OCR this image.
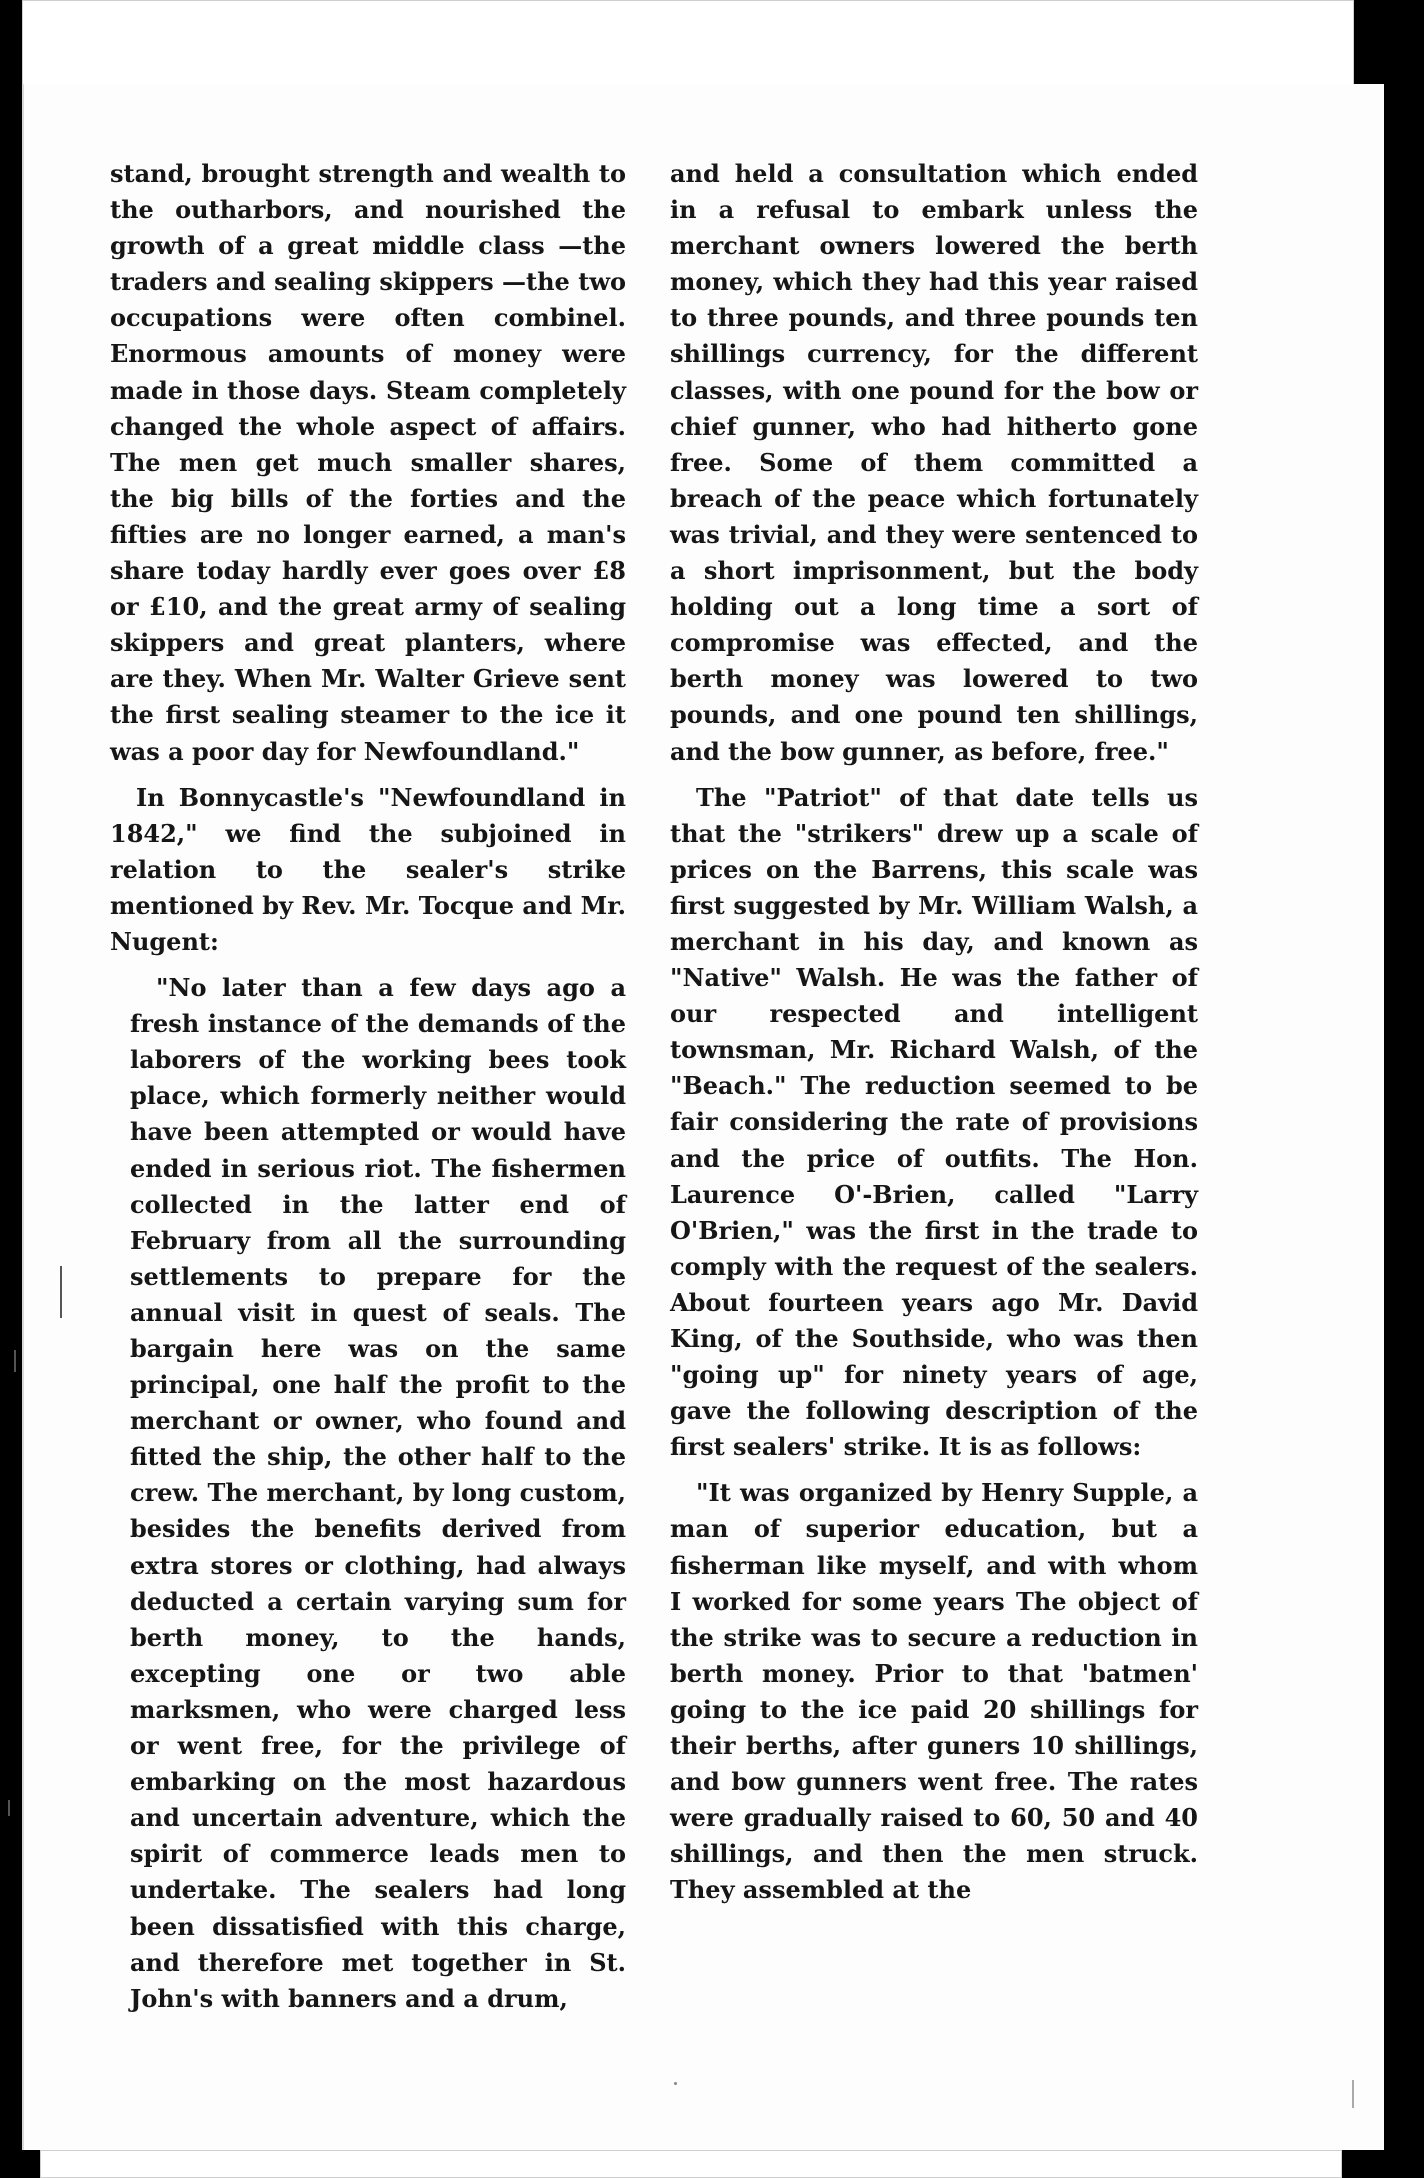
stand, brought strength and wealth to the outharbors, and nourished the growth of a great middle class —the traders and sealing skippers —the two occupations were often combinel. Enormous amounts of money were made in those days. Steam completely changed the whole aspect of affairs. The men get much smaller shares, the big bills of the forties and the fifties are no longer earned, a man's share today hardly ever goes over £8 or £10, and the great army of sealing skippers and great planters, where are they. When Mr. Walter Grieve sent the first sealing steamer to the ice it was a poor day for Newfoundland."

In Bonnycastle's "Newfoundland in 1842," we find the subjoined in relation to the sealer's strike mentioned by Rev. Mr. Tocque and Mr. Nugent:

"No later than a few days ago a fresh instance of the demands of the laborers of the working bees took place, which formerly neither would have been attempted or would have ended in serious riot. The fishermen collected in the latter end of February from all the surrounding settlements to prepare for the annual visit in quest of seals. The bargain here was on the same principal, one half the profit to the merchant or owner, who found and fitted the ship, the other half to the crew. The merchant, by long custom, besides the benefits derived from extra stores or clothing, had always deducted a certain varying sum for berth money, to the hands, excepting one or two able marksmen, who were charged less or went free, for the privilege of embarking on the most hazardous and uncertain adventure, which the spirit of commerce leads men to undertake. The sealers had long been dissatisfied with this charge, and therefore met together in St. John's with banners and a drum,

and held a consultation which ended in a refusal to embark unless the merchant owners lowered the berth money, which they had this year raised to three pounds, and three pounds ten shillings currency, for the different classes, with one pound for the bow or chief gunner, who had hitherto gone free. Some of them committed a breach of the peace which fortunately was trivial, and they were sentenced to a short imprisonment, but the body holding out a long time a sort of compromise was effected, and the berth money was lowered to two pounds, and one pound ten shillings, and the bow gunner, as before, free."

The "Patriot" of that date tells us that the "strikers" drew up a scale of prices on the Barrens, this scale was first suggested by Mr. William Walsh, a merchant in his day, and known as "Native" Walsh. He was the father of our respected and intelligent townsman, Mr. Richard Walsh, of the "Beach." The reduction seemed to be fair considering the rate of provisions and the price of outfits. The Hon. Laurence O'-Brien, called "Larry O'Brien," was the first in the trade to comply with the request of the sealers. About fourteen years ago Mr. David King, of the Southside, who was then "going up" for ninety years of age, gave the following description of the first sealers' strike. It is as follows:

"It was organized by Henry Supple, a man of superior education, but a fisherman like myself, and with whom I worked for some years The object of the strike was to secure a reduction in berth money. Prior to that 'batmen' going to the ice paid 20 shillings for their berths, after guners 10 shillings, and bow gunners went free. The rates were gradually raised to 60, 50 and 40 shillings, and then the men struck. They assembled at the
